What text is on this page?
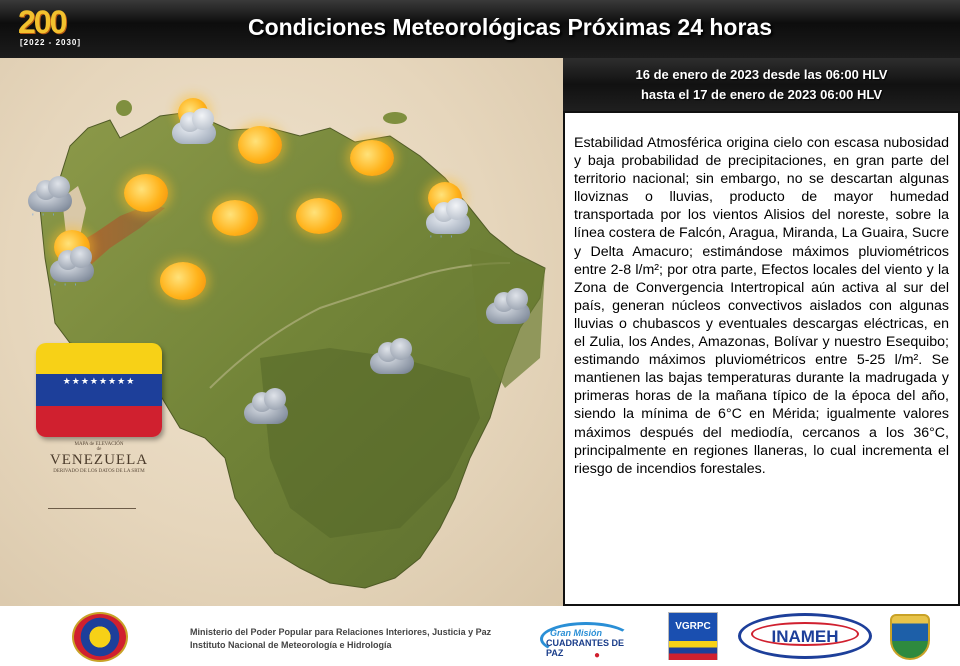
200
[2022 - 2030]
Condiciones Meteorológicas Próximas 24 horas
' ' '
' ' '
' ' '
★★★★★★★★
MAPA de ELEVACIÓN
de
VENEZUELA
DERIVADO DE LOS DATOS DE LA SRTM
16 de enero de 2023 desde las 06:00 HLV
hasta el 17 de enero de 2023 06:00 HLV

Estabilidad Atmosférica origina cielo con escasa nubosidad y baja probabilidad de precipitaciones, en gran parte del territorio nacional; sin embargo, no se descartan algunas lloviznas o lluvias, producto de mayor humedad transportada por los vientos Alisios del noreste, sobre la línea costera de Falcón, Aragua, Miranda, La Guaira, Sucre y Delta Amacuro; estimándose máximos pluviométricos entre 2-8 l/m²; por otra parte, Efectos locales del viento y la Zona de Convergencia Intertropical aún activa al sur del país, generan núcleos convectivos aislados con algunas lluvias o chubascos y eventuales descargas eléctricas, en el Zulia, los Andes, Amazonas, Bolívar y nuestro Esequibo; estimando máximos pluviométricos entre 5-25 l/m². Se mantienen las bajas temperaturas durante la madrugada y primeras horas de la mañana típico de la época del año, siendo la mínima de 6°C en Mérida; igualmente valores máximos después del mediodía, cercanos a los 36°C, principalmente en regiones llaneras, lo cual incrementa el riesgo de incendios forestales.

Ministerio del Poder Popular para Relaciones Interiores, Justicia y Paz
Instituto Nacional de Meteorología e Hidrología
Gran Misión
CUADRANTES DE PAZ	●
VGRPC
INAMEH
